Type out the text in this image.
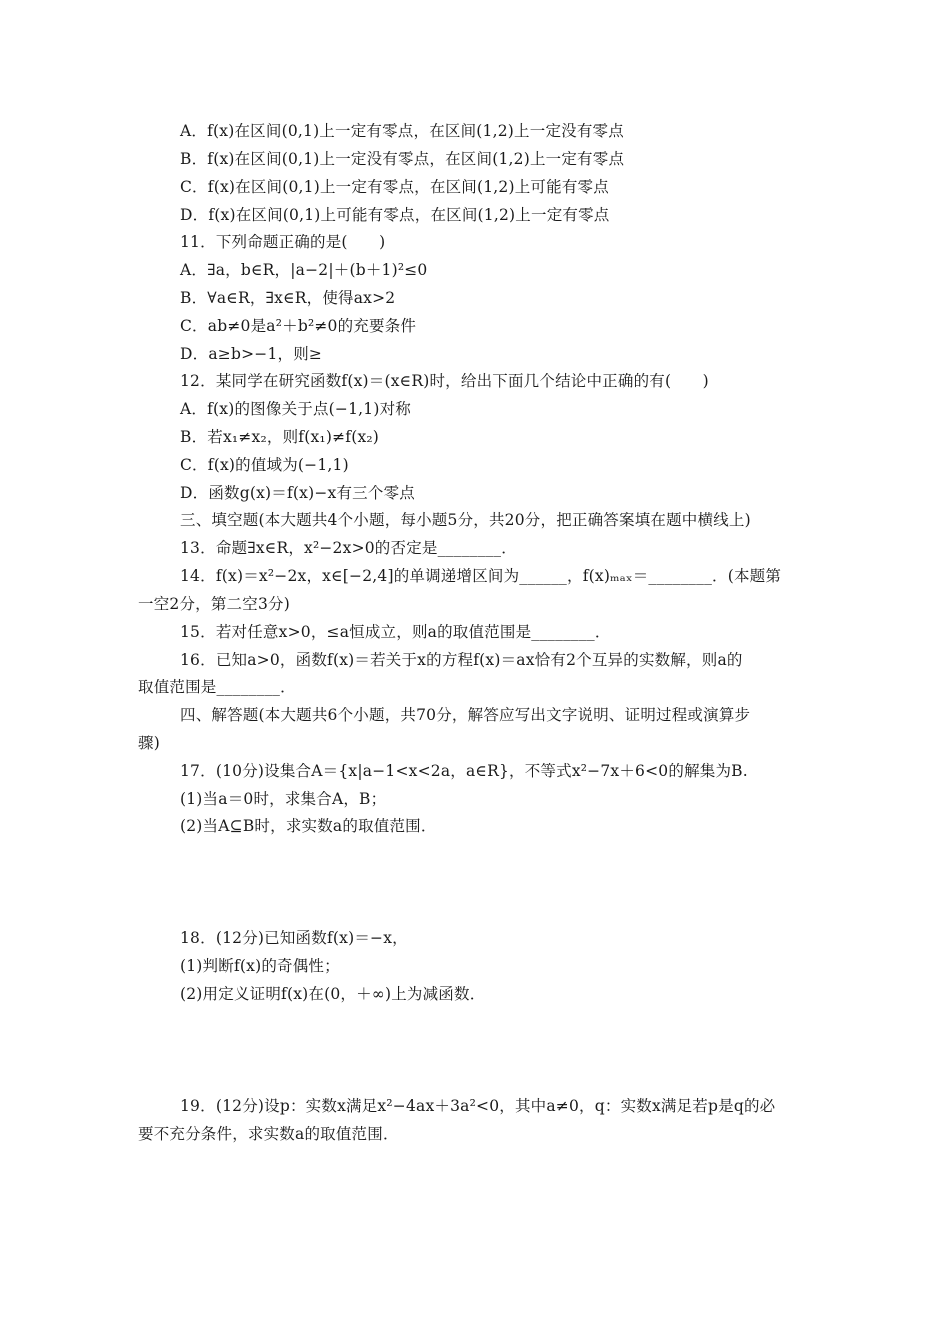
A．f(x)在区间(0,1)上一定有零点，在区间(1,2)上一定没有零点
B．f(x)在区间(0,1)上一定没有零点，在区间(1,2)上一定有零点
C．f(x)在区间(0,1)上一定有零点，在区间(1,2)上可能有零点
D．f(x)在区间(0,1)上可能有零点，在区间(1,2)上一定有零点
11．下列命题正确的是(　　)
A．∃a，b∈R，|a−2|＋(b＋1)²≤0
B．∀a∈R，∃x∈R，使得ax>2
C．ab≠0是a²＋b²≠0的充要条件
D．a≥b>−1，则≥
12．某同学在研究函数f(x)＝(x∈R)时，给出下面几个结论中正确的有(　　)
A．f(x)的图像关于点(−1,1)对称
B．若x₁≠x₂，则f(x₁)≠f(x₂)
C．f(x)的值域为(−1,1)
D．函数g(x)＝f(x)−x有三个零点
三、填空题(本大题共4个小题，每小题5分，共20分，把正确答案填在题中横线上)
13．命题∃x∈R，x²−2x>0的否定是________．
14．f(x)＝x²−2x，x∈[−2,4]的单调递增区间为______，f(x)ₘₐₓ＝________．(本题第
一空2分，第二空3分)
15．若对任意x>0，≤a恒成立，则a的取值范围是________．
16．已知a>0，函数f(x)＝若关于x的方程f(x)＝ax恰有2个互异的实数解，则a的
取值范围是________．
四、解答题(本大题共6个小题，共70分，解答应写出文字说明、证明过程或演算步
骤)
17．(10分)设集合A＝{x|a−1<x<2a，a∈R}，不等式x²−7x＋6<0的解集为B.
(1)当a＝0时，求集合A，B；
(2)当A⊆B时，求实数a的取值范围．
18．(12分)已知函数f(x)＝−x，
(1)判断f(x)的奇偶性；
(2)用定义证明f(x)在(0，＋∞)上为减函数．
19．(12分)设p：实数x满足x²−4ax＋3a²<0，其中a≠0，q：实数x满足若p是q的必
要不充分条件，求实数a的取值范围．
